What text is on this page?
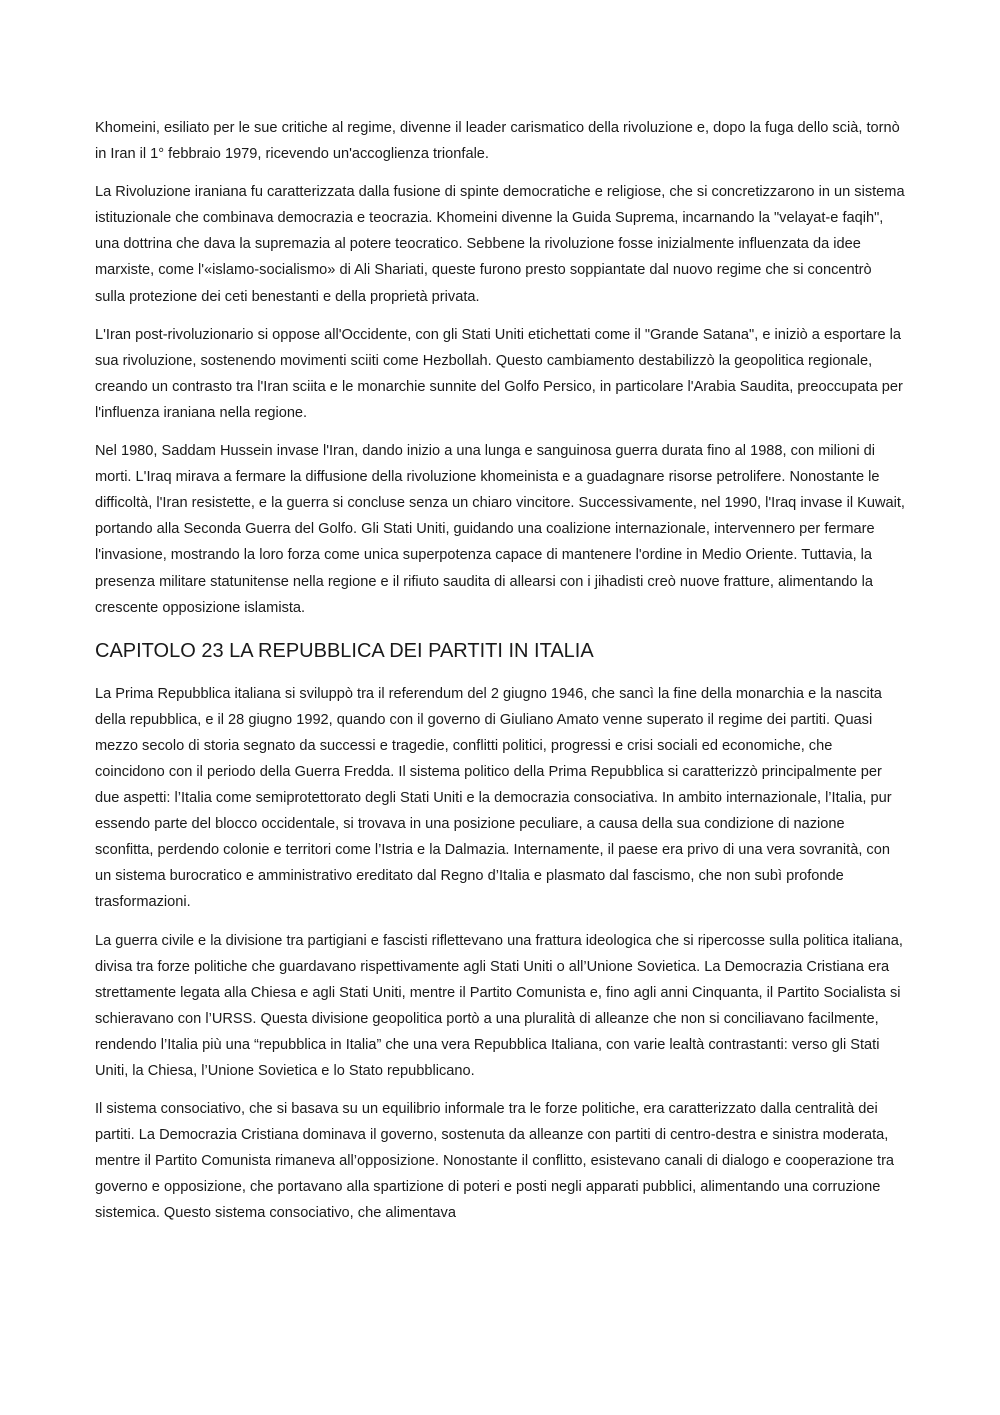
Khomeini, esiliato per le sue critiche al regime, divenne il leader carismatico della rivoluzione e, dopo la fuga dello scià, tornò in Iran il 1° febbraio 1979, ricevendo un'accoglienza trionfale.

La Rivoluzione iraniana fu caratterizzata dalla fusione di spinte democratiche e religiose, che si concretizzarono in un sistema istituzionale che combinava democrazia e teocrazia. Khomeini divenne la Guida Suprema, incarnando la "velayat-e faqih", una dottrina che dava la supremazia al potere teocratico. Sebbene la rivoluzione fosse inizialmente influenzata da idee marxiste, come l'«islamo-socialismo» di Ali Shariati, queste furono presto soppiantate dal nuovo regime che si concentrò sulla protezione dei ceti benestanti e della proprietà privata.

L'Iran post-rivoluzionario si oppose all'Occidente, con gli Stati Uniti etichettati come il "Grande Satana", e iniziò a esportare la sua rivoluzione, sostenendo movimenti sciiti come Hezbollah. Questo cambiamento destabilizzò la geopolitica regionale, creando un contrasto tra l'Iran sciita e le monarchie sunnite del Golfo Persico, in particolare l'Arabia Saudita, preoccupata per l'influenza iraniana nella regione.

Nel 1980, Saddam Hussein invase l'Iran, dando inizio a una lunga e sanguinosa guerra durata fino al 1988, con milioni di morti. L'Iraq mirava a fermare la diffusione della rivoluzione khomeinista e a guadagnare risorse petrolifere. Nonostante le difficoltà, l'Iran resistette, e la guerra si concluse senza un chiaro vincitore. Successivamente, nel 1990, l'Iraq invase il Kuwait, portando alla Seconda Guerra del Golfo. Gli Stati Uniti, guidando una coalizione internazionale, intervennero per fermare l'invasione, mostrando la loro forza come unica superpotenza capace di mantenere l'ordine in Medio Oriente. Tuttavia, la presenza militare statunitense nella regione e il rifiuto saudita di allearsi con i jihadisti creò nuove fratture, alimentando la crescente opposizione islamista.

CAPITOLO 23 LA REPUBBLICA DEI PARTITI IN ITALIA

La Prima Repubblica italiana si sviluppò tra il referendum del 2 giugno 1946, che sancì la fine della monarchia e la nascita della repubblica, e il 28 giugno 1992, quando con il governo di Giuliano Amato venne superato il regime dei partiti. Quasi mezzo secolo di storia segnato da successi e tragedie, conflitti politici, progressi e crisi sociali ed economiche, che coincidono con il periodo della Guerra Fredda. Il sistema politico della Prima Repubblica si caratterizzò principalmente per due aspetti: l’Italia come semiprotettorato degli Stati Uniti e la democrazia consociativa. In ambito internazionale, l’Italia, pur essendo parte del blocco occidentale, si trovava in una posizione peculiare, a causa della sua condizione di nazione sconfitta, perdendo colonie e territori come l’Istria e la Dalmazia. Internamente, il paese era privo di una vera sovranità, con un sistema burocratico e amministrativo ereditato dal Regno d’Italia e plasmato dal fascismo, che non subì profonde trasformazioni.

La guerra civile e la divisione tra partigiani e fascisti riflettevano una frattura ideologica che si ripercosse sulla politica italiana, divisa tra forze politiche che guardavano rispettivamente agli Stati Uniti o all’Unione Sovietica. La Democrazia Cristiana era strettamente legata alla Chiesa e agli Stati Uniti, mentre il Partito Comunista e, fino agli anni Cinquanta, il Partito Socialista si schieravano con l’URSS. Questa divisione geopolitica portò a una pluralità di alleanze che non si conciliavano facilmente, rendendo l’Italia più una “repubblica in Italia” che una vera Repubblica Italiana, con varie lealtà contrastanti: verso gli Stati Uniti, la Chiesa, l’Unione Sovietica e lo Stato repubblicano.

Il sistema consociativo, che si basava su un equilibrio informale tra le forze politiche, era caratterizzato dalla centralità dei partiti. La Democrazia Cristiana dominava il governo, sostenuta da alleanze con partiti di centro-destra e sinistra moderata, mentre il Partito Comunista rimaneva all’opposizione. Nonostante il conflitto, esistevano canali di dialogo e cooperazione tra governo e opposizione, che portavano alla spartizione di poteri e posti negli apparati pubblici, alimentando una corruzione sistemica. Questo sistema consociativo, che alimentava
